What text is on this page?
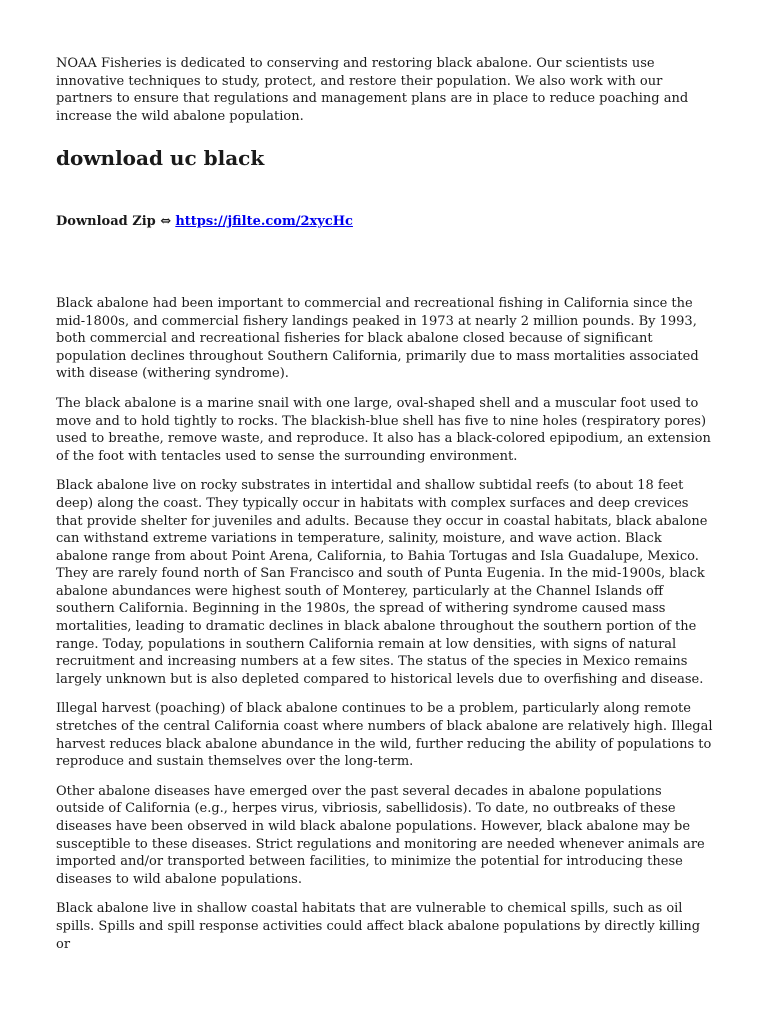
NOAA Fisheries is dedicated to conserving and restoring black abalone. Our scientists use innovative techniques to study, protect, and restore their population. We also work with our partners to ensure that regulations and management plans are in place to reduce poaching and increase the wild abalone population.

download uc black
Download Zip ⇔ https://jfilte.com/2xycHc

Black abalone had been important to commercial and recreational fishing in California since the mid-1800s, and commercial fishery landings peaked in 1973 at nearly 2 million pounds. By 1993, both commercial and recreational fisheries for black abalone closed because of significant population declines throughout Southern California, primarily due to mass mortalities associated with disease (withering syndrome).

The black abalone is a marine snail with one large, oval-shaped shell and a muscular foot used to move and to hold tightly to rocks. The blackish-blue shell has five to nine holes (respiratory pores) used to breathe, remove waste, and reproduce. It also has a black-colored epipodium, an extension of the foot with tentacles used to sense the surrounding environment.

Black abalone live on rocky substrates in intertidal and shallow subtidal reefs (to about 18 feet deep) along the coast. They typically occur in habitats with complex surfaces and deep crevices that provide shelter for juveniles and adults. Because they occur in coastal habitats, black abalone can withstand extreme variations in temperature, salinity, moisture, and wave action. Black abalone range from about Point Arena, California, to Bahia Tortugas and Isla Guadalupe, Mexico. They are rarely found north of San Francisco and south of Punta Eugenia. In the mid-1900s, black abalone abundances were highest south of Monterey, particularly at the Channel Islands off southern California. Beginning in the 1980s, the spread of withering syndrome caused mass mortalities, leading to dramatic declines in black abalone throughout the southern portion of the range. Today, populations in southern California remain at low densities, with signs of natural recruitment and increasing numbers at a few sites. The status of the species in Mexico remains largely unknown but is also depleted compared to historical levels due to overfishing and disease.

Illegal harvest (poaching) of black abalone continues to be a problem, particularly along remote stretches of the central California coast where numbers of black abalone are relatively high. Illegal harvest reduces black abalone abundance in the wild, further reducing the ability of populations to reproduce and sustain themselves over the long-term.

Other abalone diseases have emerged over the past several decades in abalone populations outside of California (e.g., herpes virus, vibriosis, sabellidosis). To date, no outbreaks of these diseases have been observed in wild black abalone populations. However, black abalone may be susceptible to these diseases. Strict regulations and monitoring are needed whenever animals are imported and/or transported between facilities, to minimize the potential for introducing these diseases to wild abalone populations.

Black abalone live in shallow coastal habitats that are vulnerable to chemical spills, such as oil spills. Spills and spill response activities could affect black abalone populations by directly killing or
